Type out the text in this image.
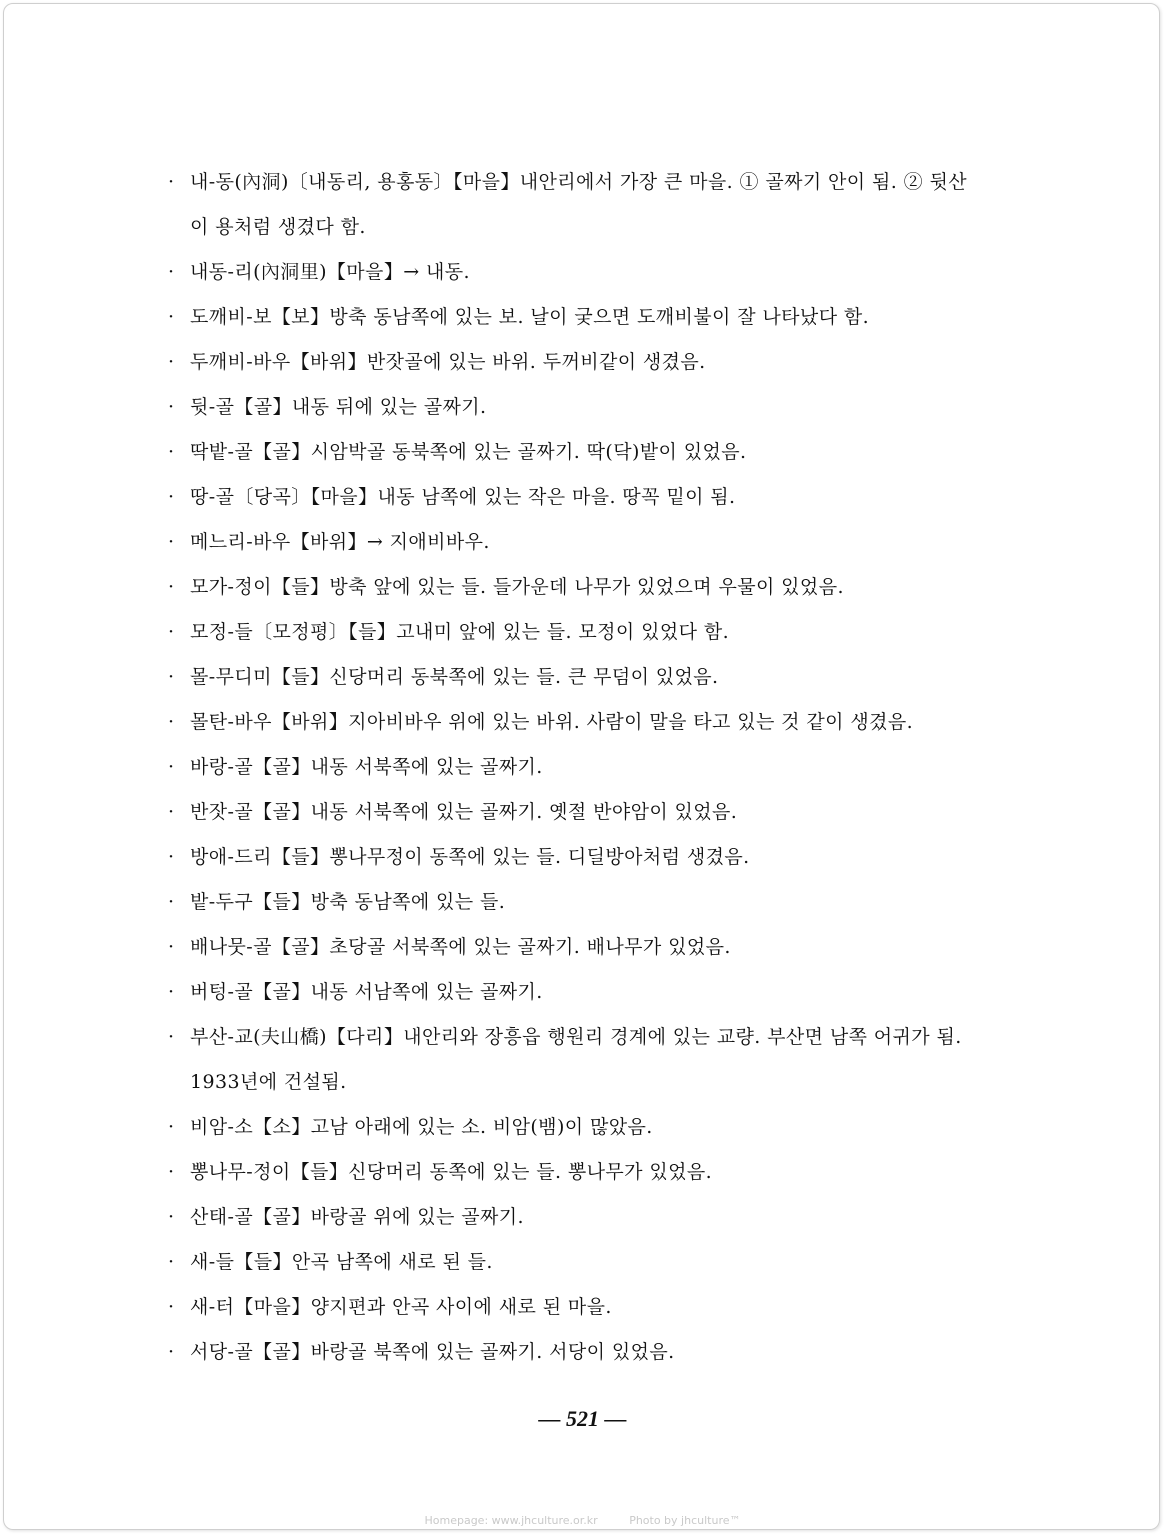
· 내-동(內洞)〔내동리, 용홍동〕【마을】내안리에서 가장 큰 마을. ① 골짜기 안이 됨. ② 뒷산
이 용처럼 생겼다 함.
· 내동-리(內洞里)【마을】→ 내동.
· 도깨비-보【보】방축 동남쪽에 있는 보. 날이 궂으면 도깨비불이 잘 나타났다 함.
· 두깨비-바우【바위】반잣골에 있는 바위. 두꺼비같이 생겼음.
· 뒷-골【골】내동 뒤에 있는 골짜기.
· 딱밭-골【골】시암박골 동북쪽에 있는 골짜기. 딱(닥)밭이 있었음.
· 땅-골〔당곡〕【마을】내동 남쪽에 있는 작은 마을. 땅꼭 밑이 됨.
· 메느리-바우【바위】→ 지애비바우.
· 모가-정이【들】방축 앞에 있는 들. 들가운데 나무가 있었으며 우물이 있었음.
· 모정-들〔모정평〕【들】고내미 앞에 있는 들. 모정이 있었다 함.
· 몰-무디미【들】신당머리 동북쪽에 있는 들. 큰 무덤이 있었음.
· 몰탄-바우【바위】지아비바우 위에 있는 바위. 사람이 말을 타고 있는 것 같이 생겼음.
· 바랑-골【골】내동 서북쪽에 있는 골짜기.
· 반잣-골【골】내동 서북쪽에 있는 골짜기. 옛절 반야암이 있었음.
· 방애-드리【들】뽕나무정이 동쪽에 있는 들. 디딜방아처럼 생겼음.
· 밭-두구【들】방축 동남쪽에 있는 들.
· 배나뭇-골【골】초당골 서북쪽에 있는 골짜기. 배나무가 있었음.
· 버텅-골【골】내동 서남쪽에 있는 골짜기.
· 부산-교(夫山橋)【다리】내안리와 장흥읍 행원리 경계에 있는 교량. 부산면 남쪽 어귀가 됨.
1933년에 건설됨.
· 비암-소【소】고남 아래에 있는 소. 비암(뱀)이 많았음.
· 뽕나무-정이【들】신당머리 동쪽에 있는 들. 뽕나무가 있었음.
· 산태-골【골】바랑골 위에 있는 골짜기.
· 새-들【들】안곡 남쪽에 새로 된 들.
· 새-터【마을】양지편과 안곡 사이에 새로 된 마을.
· 서당-골【골】바랑골 북쪽에 있는 골짜기. 서당이 있었음.
— 521 —
Homepage: www.jhculture.or.kr	Photo by jhculture™
